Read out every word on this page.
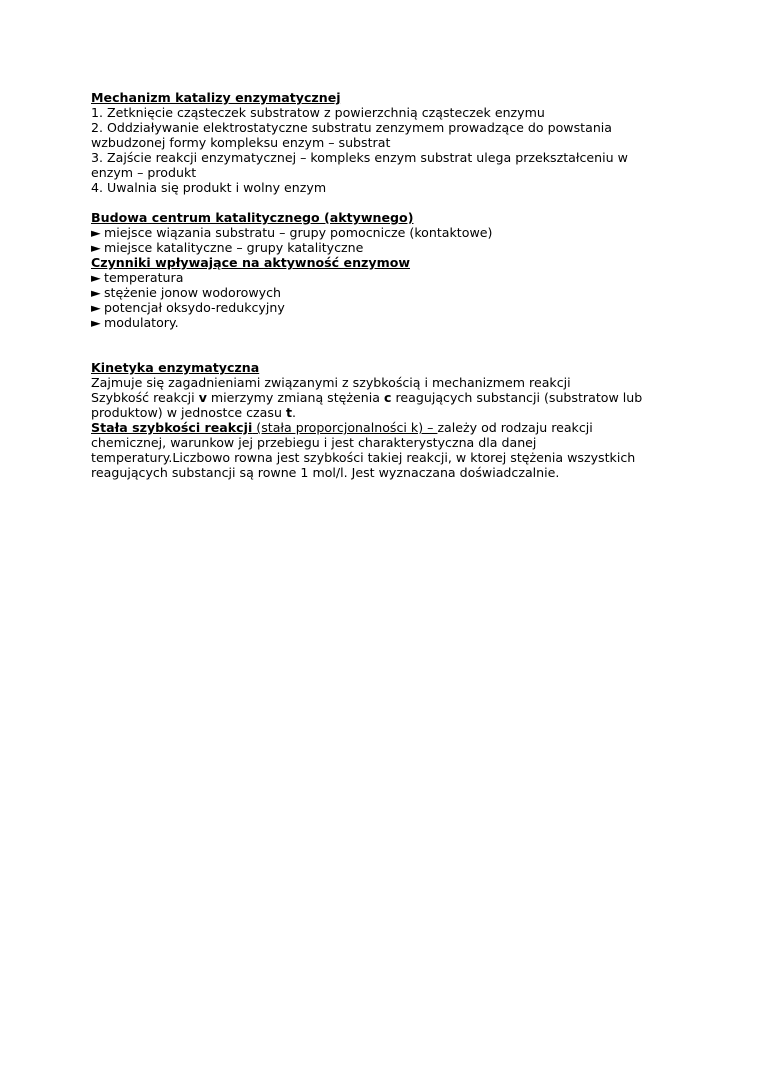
Mechanizm katalizy enzymatycznej
1. Zetknięcie cząsteczek substratow z powierzchnią cząsteczek enzymu
2. Oddziaływanie elektrostatyczne substratu zenzymem prowadzące do powstania
wzbudzonej formy kompleksu enzym – substrat
3. Zajście reakcji enzymatycznej – kompleks enzym substrat ulega przekształceniu w
enzym – produkt
4. Uwalnia się produkt i wolny enzym
Budowa centrum katalitycznego (aktywnego)
► miejsce wiązania substratu – grupy pomocnicze (kontaktowe)
► miejsce katalityczne – grupy katalityczne
Czynniki wpływające na aktywność enzymow
► temperatura
► stężenie jonow wodorowych
► potencjał oksydo-redukcyjny
► modulatory.
Kinetyka enzymatyczna
Zajmuje się zagadnieniami związanymi z szybkością i mechanizmem reakcji
Szybkość reakcji v mierzymy zmianą stężenia c reagujących substancji (substratow lub
produktow) w jednostce czasu t.
Stała szybkości reakcji (stała proporcjonalności k) – zależy od rodzaju reakcji
chemicznej, warunkow jej przebiegu i jest charakterystyczna dla danej
temperatury.Liczbowo rowna jest szybkości takiej reakcji, w ktorej stężenia wszystkich
reagujących substancji są rowne 1 mol/l. Jest wyznaczana doświadczalnie.
